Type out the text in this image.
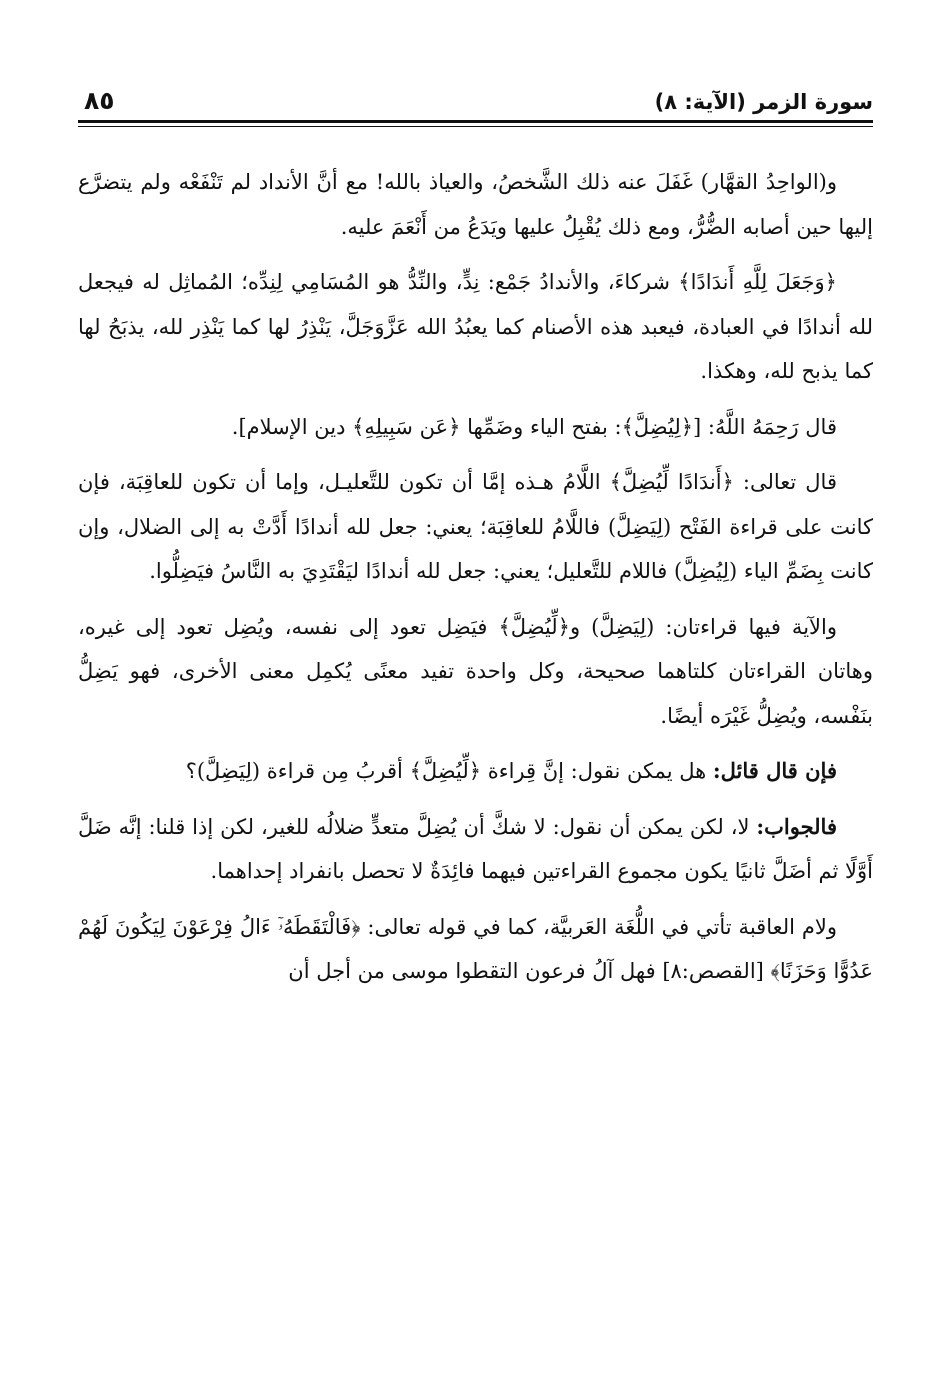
سورة الزمر (الآية: ٨)
٨٥

و(الواحِدُ القهَّار) غَفَلَ عنه ذلك الشَّخصُ، والعياذ بالله! مع أنَّ الأنداد لم تَنْفَعْه ولم يتضرَّع إليها حين أصابه الضُّرُّ، ومع ذلك يُقْبِلُ عليها ويَدَعُ من أَنْعَمَ عليه.

﴿وَجَعَلَ لِلَّهِ أَندَادًا﴾ شركاءَ، والأندادُ جَمْع: نِدٍّ، والنِّدُّ هو المُسَامِي لِنِدِّه؛ المُماثِل له فيجعل لله أندادًا في العبادة، فيعبد هذه الأصنام كما يعبُدُ الله عَزَّوَجَلَّ، يَنْذِرُ لها كما يَنْذِر لله، يذبَحُ لها كما يذبح لله، وهكذا.

قال رَحِمَهُ اللَّهُ: [﴿لِيُضِلَّ﴾: بفتح الياء وضَمِّها ﴿عَن سَبِيلِهِ﴾ دين الإسلام].

قال تعالى: ﴿أَندَادًا لِّيُضِلَّ﴾ اللَّامُ هـذه إمَّا أن تكون للتَّعليـل، وإما أن تكون للعاقِبَة، فإن كانت على قراءة الفَتْح (لِيَضِلَّ) فاللَّامُ للعاقِبَة؛ يعني: جعل لله أندادًا أَدَّتْ به إلى الضلال، وإن كانت بِضَمِّ الياء (لِيُضِلَّ) فاللام للتَّعليل؛ يعني: جعل لله أندادًا ليَقْتَدِيَ به النَّاسُ فيَضِلُّوا.

والآية فيها قراءتان: (لِيَضِلَّ) و﴿لِّيُضِلَّ﴾ فيَضِل تعود إلى نفسه، ويُضِل تعود إلى غيره، وهاتان القراءتان كلتاهما صحيحة، وكل واحدة تفيد معنًى يُكمِل معنى الأخرى، فهو يَضِلُّ بنَفْسه، ويُضِلُّ غَيْرَه أيضًا.

فإن قال قائل: هل يمكن نقول: إنَّ قِراءة ﴿لِّيُضِلَّ﴾ أقربُ مِن قراءة (لِيَضِلَّ)؟

فالجواب: لا، لكن يمكن أن نقول: لا شكَّ أن يُضِلَّ متعدٍّ ضلالُه للغير، لكن إذا قلنا: إنَّه ضَلَّ أَوَّلًا ثم أضَلَّ ثانيًا يكون مجموع القراءتين فيهما فائِدَةٌ لا تحصل بانفراد إحداهما.

ولام العاقبة تأتي في اللُّغَة العَربيَّة، كما في قوله تعالى: ﴿فَالْتَقَطَهُۥٓ ءَالُ فِرْعَوْنَ لِيَكُونَ لَهُمْ عَدُوًّا وَحَزَنًا﴾ [القصص:٨] فهل آلُ فرعون التقطوا موسى من أجل أن
